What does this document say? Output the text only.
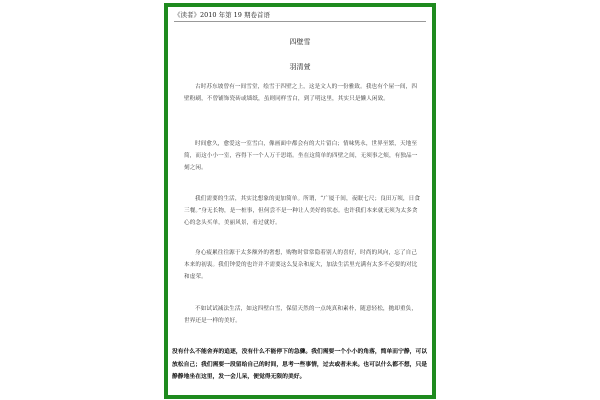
《读者》2010 年第 19 期卷首语
四壁雪
羽清萱
古时苏东坡曾有一间雪堂，绘雪于四壁之上，这是文人的一份雅致。我也有个屋一间，四壁粉刷，不曾铺饰瓷砖或墙纸，虽则同样雪白，到了明这里，其实只是懒人闲致。
时间愈久，愈爱这一室雪白，像画面中都会有的大片留白；情味隽永，世界至繁，天地至简，而这小小一室，容得下一个人万千思绪。坐在这简单的四壁之间，无须事之烦，有独品一刻之闲。
我们需要的生活，其实比想象的更加简单。所谓，“广厦千间，夜眠七尺；良田万顷，日食三餐。”身无长物，是一桩事，但何尝不是一种让人美好的状态。也许我们本来就无须为太多贪心的念头买单，美丽风景，看过就好。
身心疲累往往源于太多额外的奢想，购物时常常隐着别人的喜好，时尚的风向，忘了自己本来的初衷。我们钟爱的也许并不需要这么复杂和庞大，加法生活里充满有太多不必要的对比和虚荣。
不如试试减法生活，如这四壁白雪，保留天然的一点纯真和素朴，随意轻松，抛却重负，世界还是一样的美好。
没有什么不能舍弃的追逐，没有什么不能停下的急骤。我们需要一个小小的角落，简单而宁静，可以放松自己；我们需要一段留给自己的时间，思考一些事情，过去或者未来。也可以什么都不想，只是静静地坐在这里，发一会儿呆，便觉得无限的美好。
